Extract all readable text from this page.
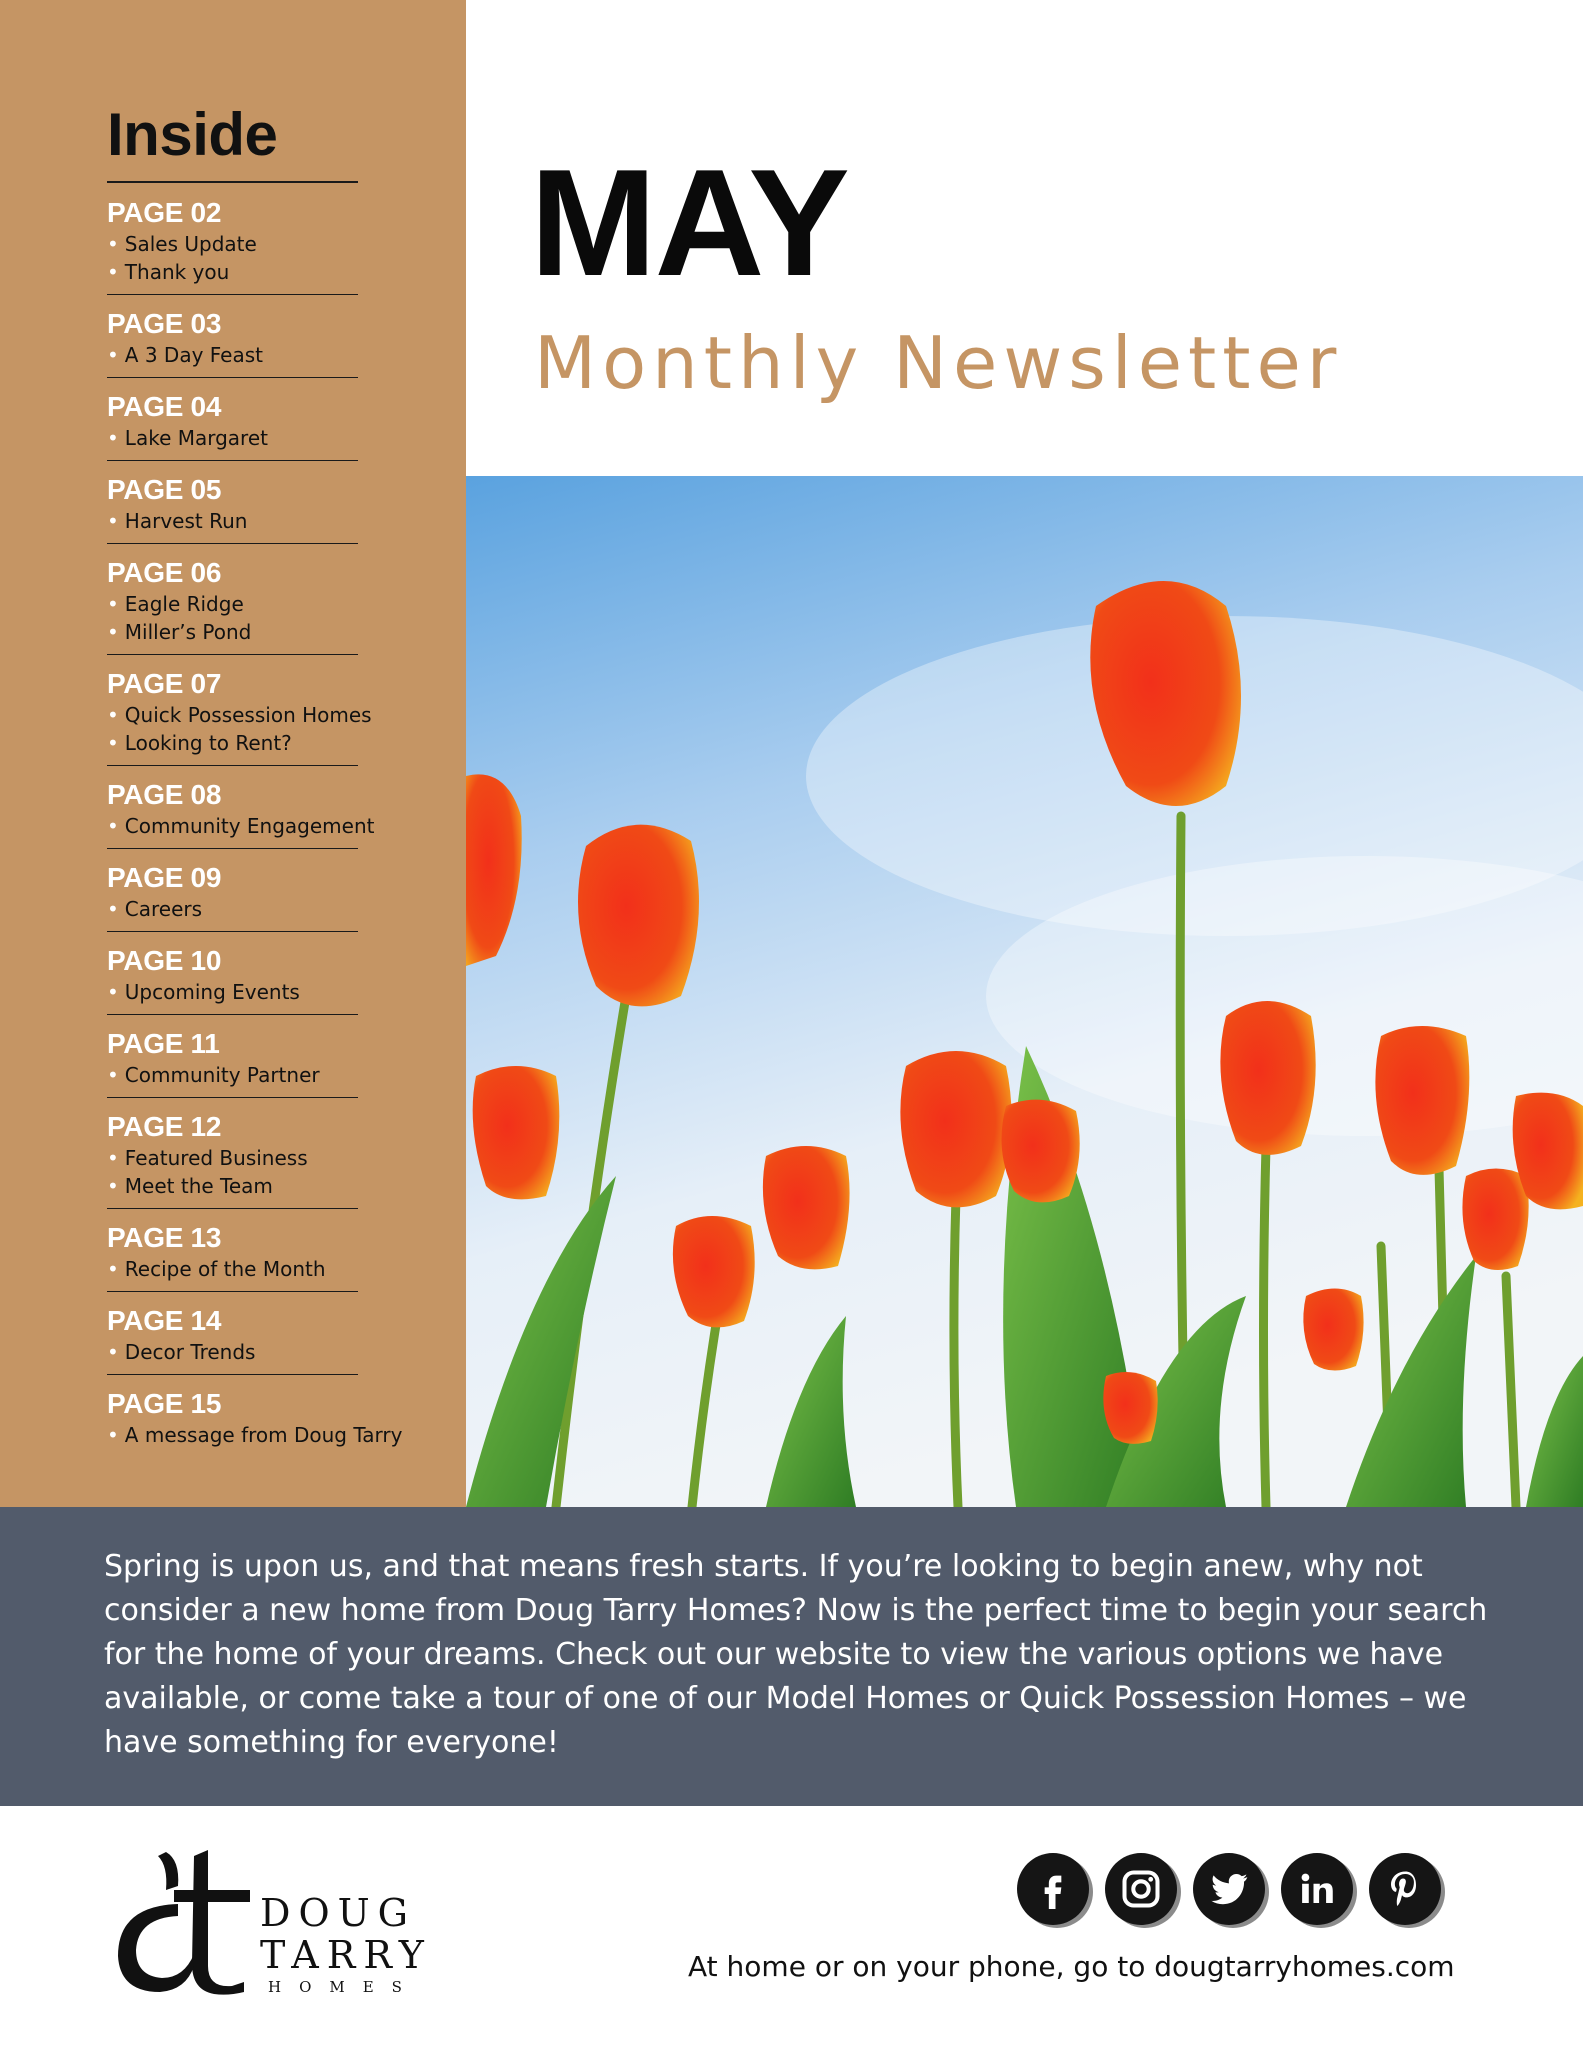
Inside
PAGE 02
• Sales Update
• Thank you
PAGE 03
• A 3 Day Feast
PAGE 04
• Lake Margaret
PAGE 05
• Harvest Run
PAGE 06
• Eagle Ridge
• Miller’s Pond
PAGE 07
• Quick Possession Homes
• Looking to Rent?
PAGE 08
• Community Engagement
PAGE 09
• Careers
PAGE 10
• Upcoming Events
PAGE 11
• Community Partner
PAGE 12
• Featured Business
• Meet the Team
PAGE 13
• Recipe of the Month
PAGE 14
• Decor Trends
PAGE 15
• A message from Doug Tarry
MAY
Monthly Newsletter

Spring is upon us, and that means fresh starts. If you’re looking to begin anew, why not consider a new home from Doug Tarry Homes? Now is the perfect time to begin your search for the home of your dreams. Check out our website to view the various options we have available, or come take a tour of one of our Model Homes or Quick Possession Homes – we have something for everyone!

DOUG
TARRY
HOMES
At home or on your phone, go to dougtarryhomes.com
